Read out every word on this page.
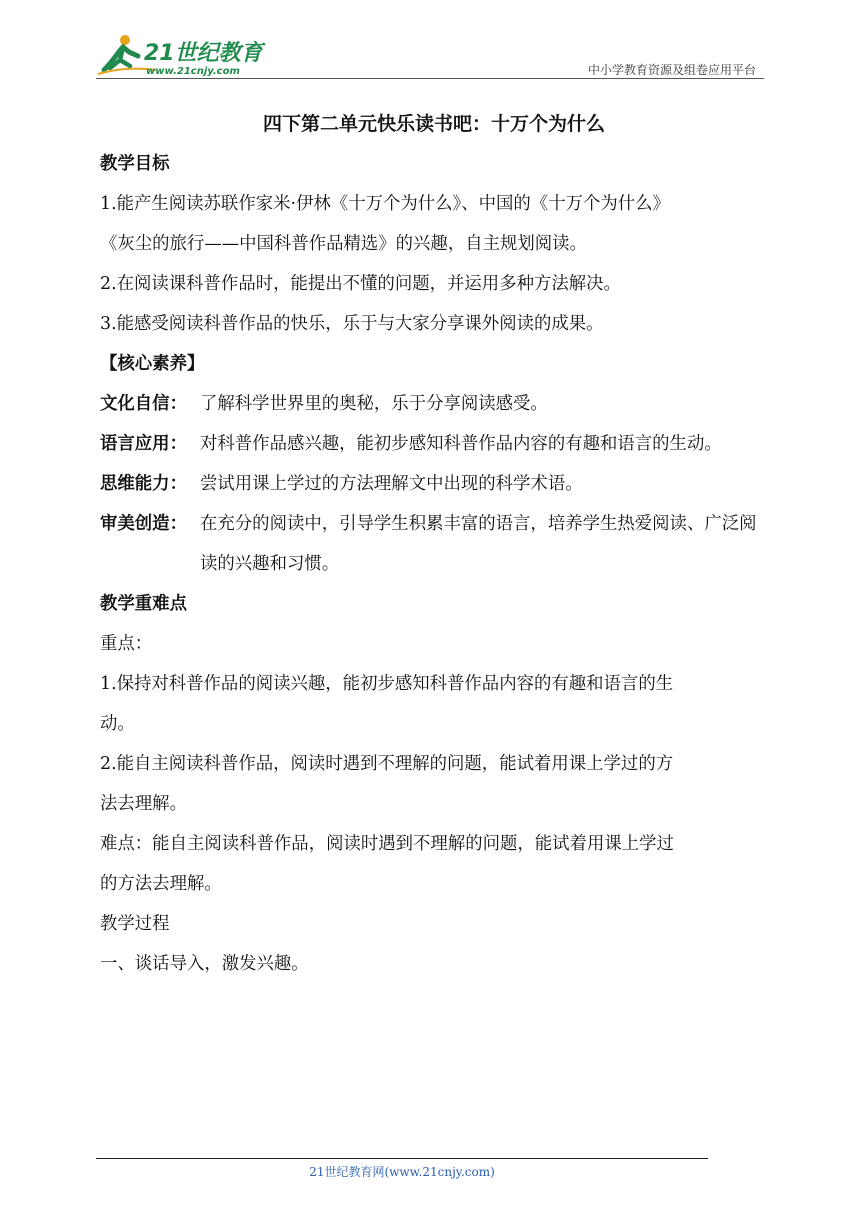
21世纪教育
www.21cnjy.com	中小学教育资源及组卷应用平台
四下第二单元快乐读书吧：十万个为什么
教学目标
1.能产生阅读苏联作家米·伊林《十万个为什么》、中国的《十万个为什么》
《灰尘的旅行——中国科普作品精选》的兴趣，自主规划阅读。
2.在阅读课科普作品时，能提出不懂的问题，并运用多种方法解决。
3.能感受阅读科普作品的快乐，乐于与大家分享课外阅读的成果。
【核心素养】
文化自信： 了解科学世界里的奥秘，乐于分享阅读感受。
语言应用： 对科普作品感兴趣，能初步感知科普作品内容的有趣和语言的生动。
思维能力： 尝试用课上学过的方法理解文中出现的科学术语。
审美创造： 在充分的阅读中，引导学生积累丰富的语言，培养学生热爱阅读、广泛阅读的兴趣和习惯。
教学重难点
重点：
1.保持对科普作品的阅读兴趣，能初步感知科普作品内容的有趣和语言的生
动。
2.能自主阅读科普作品，阅读时遇到不理解的问题，能试着用课上学过的方
法去理解。
难点：能自主阅读科普作品，阅读时遇到不理解的问题，能试着用课上学过
的方法去理解。
教学过程
一、谈话导入，激发兴趣。
21世纪教育网(www.21cnjy.com)
